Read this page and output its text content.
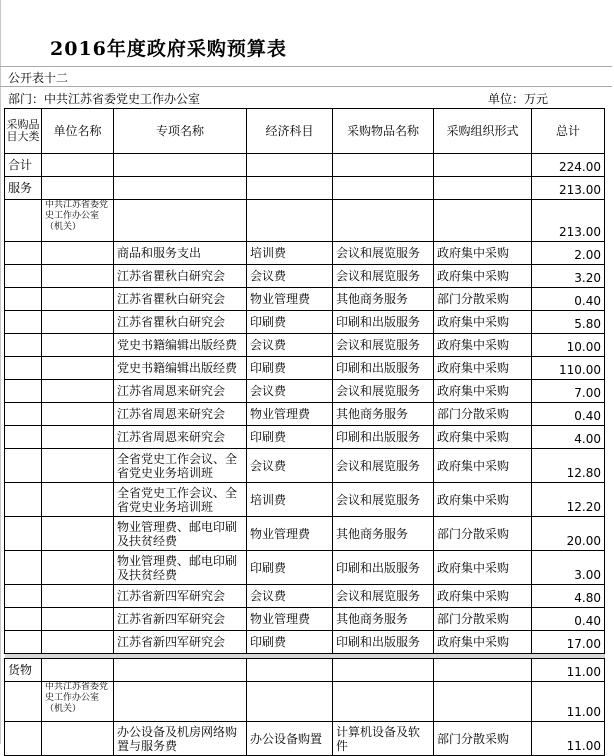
2016年度政府采购预算表
公开表十二
部门：中共江苏省委党史工作办公室	单位：万元
采购品目大类	单位名称	专项名称	经济科目	采购物品名称	采购组织形式	总计
合计						224.00
服务						213.00
	中共江苏省委党史工作办公室（机关）					213.00
		商品和服务支出	培训费	会议和展览服务	政府集中采购	2.00
		江苏省瞿秋白研究会	会议费	会议和展览服务	政府集中采购	3.20
		江苏省瞿秋白研究会	物业管理费	其他商务服务	部门分散采购	0.40
		江苏省瞿秋白研究会	印刷费	印刷和出版服务	政府集中采购	5.80
		党史书籍编辑出版经费	会议费	会议和展览服务	政府集中采购	10.00
		党史书籍编辑出版经费	印刷费	印刷和出版服务	政府集中采购	110.00
		江苏省周恩来研究会	会议费	会议和展览服务	政府集中采购	7.00
		江苏省周恩来研究会	物业管理费	其他商务服务	部门分散采购	0.40
		江苏省周恩来研究会	印刷费	印刷和出版服务	政府集中采购	4.00
		全省党史工作会议、全省党史业务培训班	会议费	会议和展览服务	政府集中采购	12.80
		全省党史工作会议、全省党史业务培训班	培训费	会议和展览服务	政府集中采购	12.20
		物业管理费、邮电印刷及扶贫经费	物业管理费	其他商务服务	部门分散采购	20.00
		物业管理费、邮电印刷及扶贫经费	印刷费	印刷和出版服务	政府集中采购	3.00
		江苏省新四军研究会	会议费	会议和展览服务	政府集中采购	4.80
		江苏省新四军研究会	物业管理费	其他商务服务	部门分散采购	0.40
		江苏省新四军研究会	印刷费	印刷和出版服务	政府集中采购	17.00

货物						11.00
	中共江苏省委党史工作办公室（机关）					11.00
		办公设备及机房网络购置与服务费	办公设备购置	计算机设备及软件	部门分散采购	11.00
